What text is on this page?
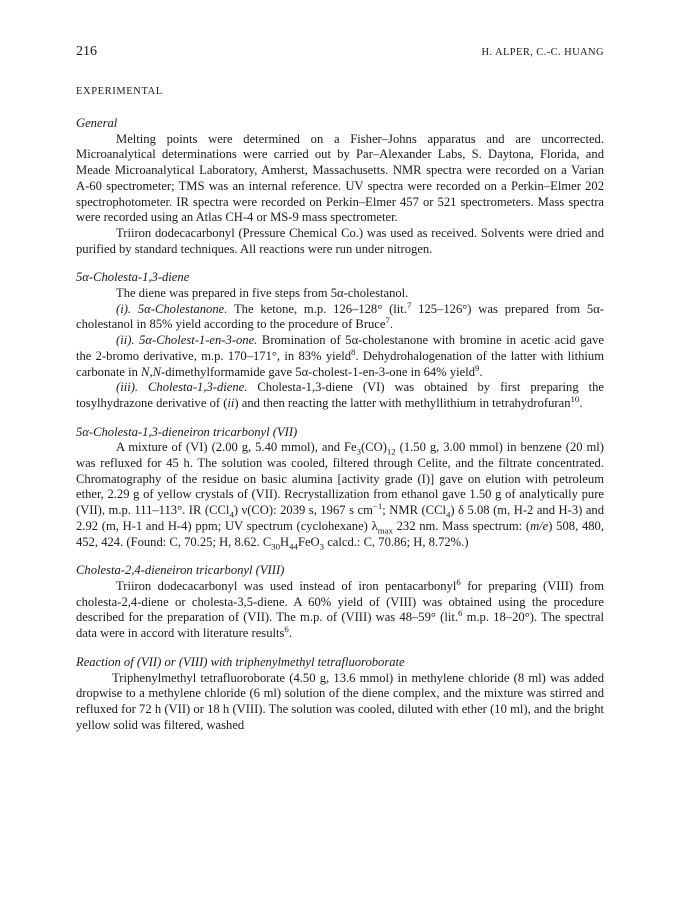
216	H. ALPER, C.-C. HUANG
EXPERIMENTAL
General

Melting points were determined on a Fisher–Johns apparatus and are uncorrected. Microanalytical determinations were carried out by Par–Alexander Labs, S. Daytona, Florida, and Meade Microanalytical Laboratory, Amherst, Massachusetts. NMR spectra were recorded on a Varian A-60 spectrometer; TMS was an internal reference. UV spectra were recorded on a Perkin–Elmer 202 spectrophotometer. IR spectra were recorded on Perkin–Elmer 457 or 521 spectrometers. Mass spectra were recorded using an Atlas CH-4 or MS-9 mass spectrometer.

Triiron dodecacarbonyl (Pressure Chemical Co.) was used as received. Solvents were dried and purified by standard techniques. All reactions were run under nitrogen.

5α-Cholesta-1,3-diene

The diene was prepared in five steps from 5α-cholestanol.

(i). 5α-Cholestanone. The ketone, m.p. 126–128° (lit.$^7$ 125–126°) was prepared from 5α-cholestanol in 85% yield according to the procedure of Bruce$^7$.

(ii). 5α-Cholest-1-en-3-one. Bromination of 5α-cholestanone with bromine in acetic acid gave the 2-bromo derivative, m.p. 170–171°, in 83% yield$^8$. Dehydrohalogenation of the latter with lithium carbonate in N,N-dimethylformamide gave 5α-cholest-1-en-3-one in 64% yield$^9$.

(iii). Cholesta-1,3-diene. Cholesta-1,3-diene (VI) was obtained by first preparing the tosylhydrazone derivative of (ii) and then reacting the latter with methyllithium in tetrahydrofuran$^{10}$.

5α-Cholesta-1,3-dieneiron tricarbonyl (VII)

A mixture of (VI) (2.00 g, 5.40 mmol), and $Fe_3(CO)_{12}$ (1.50 g, 3.00 mmol) in benzene (20 ml) was refluxed for 45 h. The solution was cooled, filtered through Celite, and the filtrate concentrated. Chromatography of the residue on basic alumina [activity grade (I)] gave on elution with petroleum ether, 2.29 g of yellow crystals of (VII). Recrystallization from ethanol gave 1.50 g of analytically pure (VII), m.p. 111–113°. IR (CCl$_4$) ν(CO): 2039 s, 1967 s $cm^{-1}$; NMR (CCl$_4$) δ 5.08 (m, H-2 and H-3) and 2.92 (m, H-1 and H-4) ppm; UV spectrum (cyclohexane) $\lambda_{max}$ 232 nm. Mass spectrum: (m/e) 508, 480, 452, 424. (Found: C, 70.25; H, 8.62. $C_{30}H_{44}FeO_3$ calcd.: C, 70.86; H, 8.72%.)

Cholesta-2,4-dieneiron tricarbonyl (VIII)

Triiron dodecacarbonyl was used instead of iron pentacarbonyl$^6$ for preparing (VIII) from cholesta-2,4-diene or cholesta-3,5-diene. A 60% yield of (VIII) was obtained using the procedure described for the preparation of (VII). The m.p. of (VIII) was 48–59° (lit.$^6$ m.p. 18–20°). The spectral data were in accord with literature results$^6$.

Reaction of (VII) or (VIII) with triphenylmethyl tetrafluoroborate

Triphenylmethyl tetrafluoroborate (4.50 g, 13.6 mmol) in methylene chloride (8 ml) was added dropwise to a methylene chloride (6 ml) solution of the diene complex, and the mixture was stirred and refluxed for 72 h (VII) or 18 h (VIII). The solution was cooled, diluted with ether (10 ml), and the bright yellow solid was filtered, washed
